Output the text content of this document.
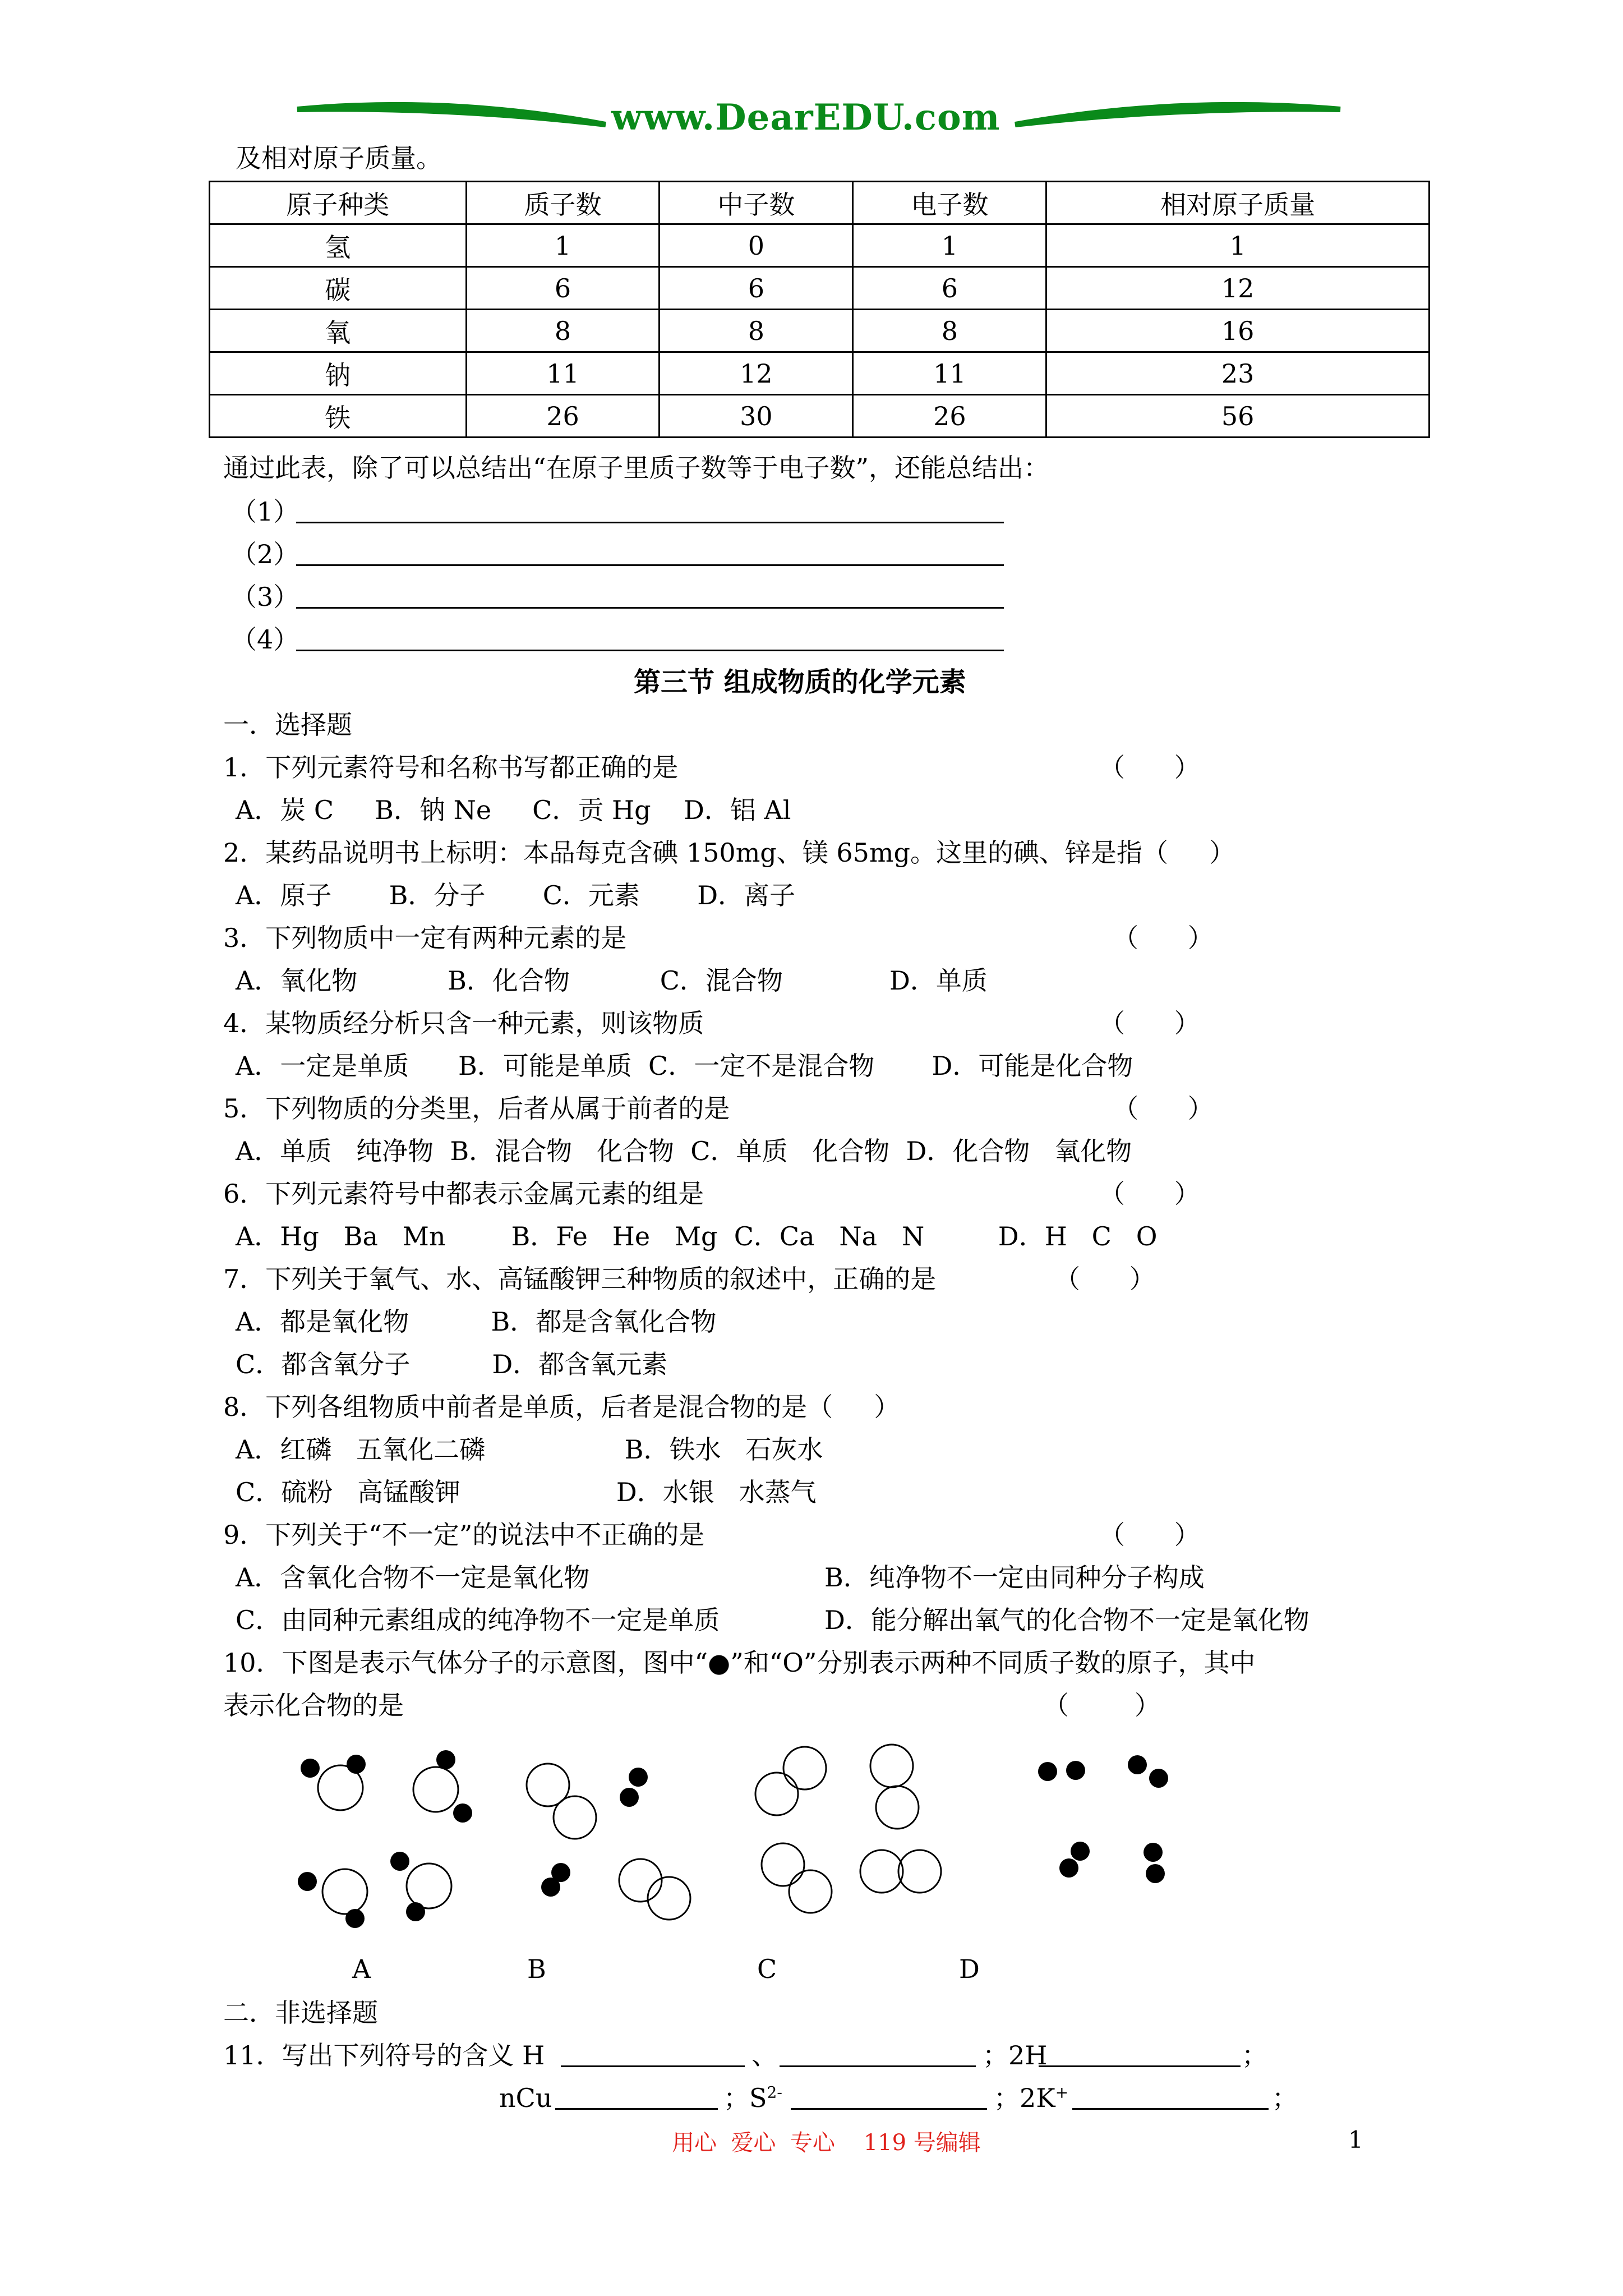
www.DearEDU.com
及相对原子质量。
原子种类	质子数	中子数	电子数	相对原子质量
氢	1	0	1	1
碳	6	6	6	12
氧	8	8	8	16
钠	11	12	11	23
铁	26	30	26	56
通过此表，除了可以总结出“在原子里质子数等于电子数”，还能总结出：
（1）
（2）
（3）
（4）
第三节 组成物质的化学元素
一．选择题
1．下列元素符号和名称书写都正确的是	（      ）
A．炭 C     B．钠 Ne     C．贡 Hg    D．铝 Al
2．某药品说明书上标明：本品每克含碘 150mg、镁 65mg。这里的碘、锌是指（     ）
A．原子       B．分子       C．元素       D．离子
3．下列物质中一定有两种元素的是	（      ）
A．氧化物           B．化合物           C．混合物             D．单质
4．某物质经分析只含一种元素，则该物质	（      ）
A．一定是单质      B．可能是单质  C．一定不是混合物       D．可能是化合物
5．下列物质的分类里，后者从属于前者的是	（      ）
A．单质   纯净物  B．混合物   化合物  C．单质   化合物  D．化合物   氧化物
6．下列元素符号中都表示金属元素的组是	（      ）
A．Hg   Ba   Mn        B．Fe   He   Mg  C．Ca   Na   N         D．H   C   O
7．下列关于氧气、水、高锰酸钾三种物质的叙述中，正确的是	（      ）
A．都是氧化物          B．都是含氧化合物
C．都含氧分子          D．都含氧元素
8．下列各组物质中前者是单质，后者是混合物的是（     ）
A．红磷   五氧化二磷                 B．铁水   石灰水
C．硫粉   高锰酸钾                   D．水银   水蒸气
9．下列关于“不一定”的说法中不正确的是	（      ）
A．含氧化合物不一定是氧化物	B．纯净物不一定由同种分子构成
C．由同种元素组成的纯净物不一定是单质	D．能分解出氧气的化合物不一定是氧化物
10．下图是表示气体分子的示意图，图中“●”和“O”分别表示两种不同质子数的原子，其中
表示化合物的是	（        ）
A	B	C	D
二．非选择题
11．写出下列符号的含义 H	、	；2H	；
nCu	；$S^{2-}$	；2K+	；
用心  爱心  专心    119 号编辑	1
